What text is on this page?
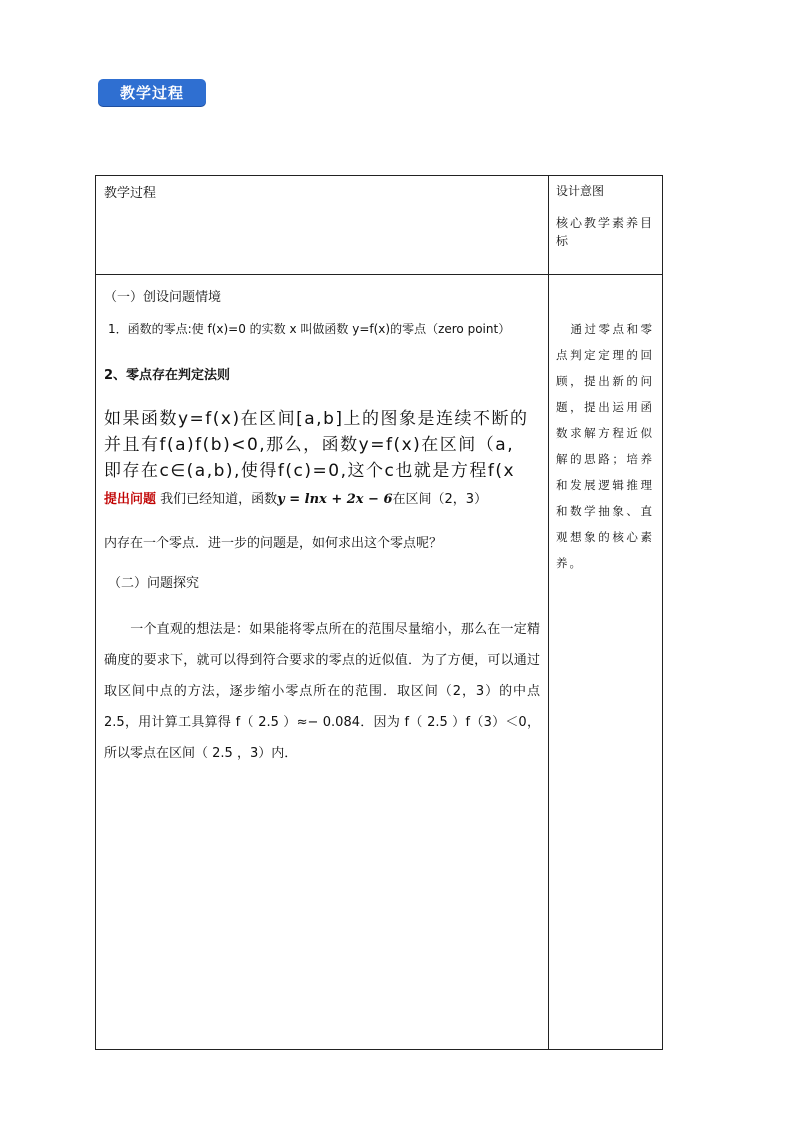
教学过程
教学过程	设计意图
核心教学素养目标
（一）创设问题情境
1．函数的零点:使 f(x)=0 的实数 x 叫做函数 y=f(x)的零点（zero point）
2、零点存在判定法则
如果函数y=f(x)在区间[a,b]上的图象是连续不断的
并且有f(a)f(b)<0,那么，函数y=f(x)在区间（a,
即存在c∈(a,b),使得f(c)=0,这个c也就是方程f(x
提出问题 我们已经知道，函数y = lnx + 2x − 6在区间（2，3）
内存在一个零点．进一步的问题是，如何求出这个零点呢？
（二）问题探究
一个直观的想法是：如果能将零点所在的范围尽量缩小，那么在一定精确度的要求下，就可以得到符合要求的零点的近似值．为了方便，可以通过取区间中点的方法，逐步缩小零点所在的范围．取区间（2，3）的中点 2.5，用计算工具算得 f（ 2.5 ）≈− 0.084．因为 f（ 2.5 ）f（3）＜0，所以零点在区间（ 2.5 ，3）内．
通过零点和零点判定定理的回顾，提出新的问题，提出运用函数求解方程近似解的思路；培养和发展逻辑推理和数学抽象、直观想象的核心素养。
